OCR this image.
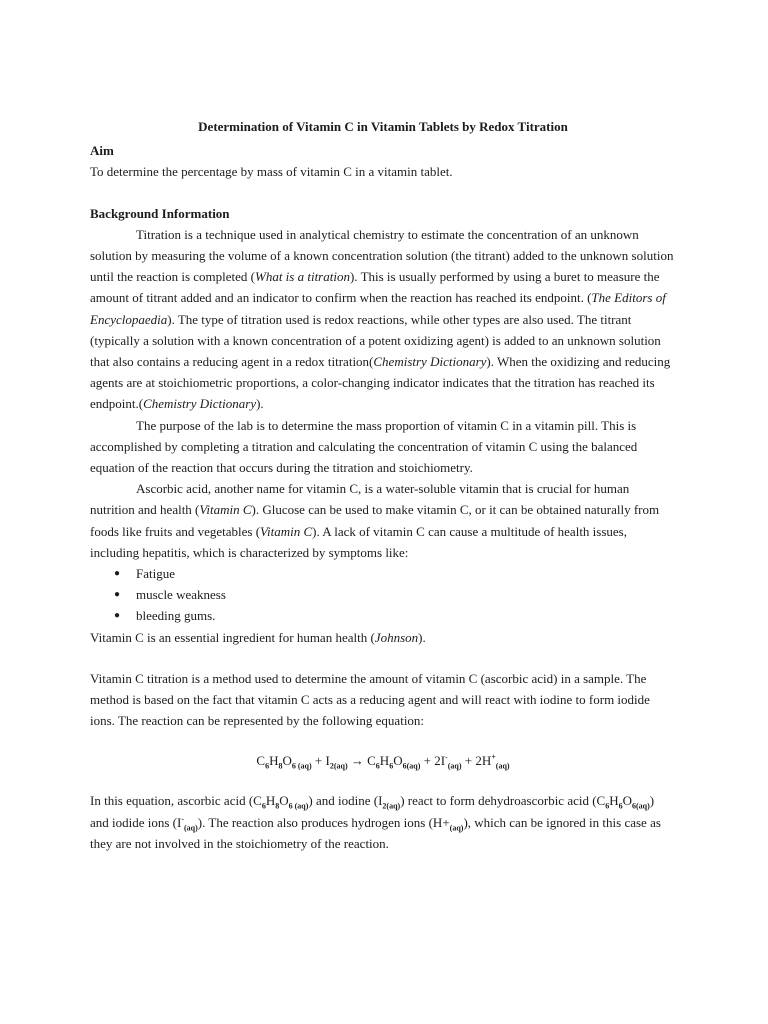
Determination of Vitamin C in Vitamin Tablets by Redox Titration

Aim

To determine the percentage by mass of vitamin C in a vitamin tablet.

Background Information

Titration is a technique used in analytical chemistry to estimate the concentration of an unknown solution by measuring the volume of a known concentration solution (the titrant) added to the unknown solution until the reaction is completed (What is a titration). This is usually performed by using a buret to measure the amount of titrant added and an indicator to confirm when the reaction has reached its endpoint. (The Editors of Encyclopaedia). The type of titration used is redox reactions, while other types are also used. The titrant (typically a solution with a known concentration of a potent oxidizing agent) is added to an unknown solution that also contains a reducing agent in a redox titration(Chemistry Dictionary). When the oxidizing and reducing agents are at stoichiometric proportions, a color-changing indicator indicates that the titration has reached its endpoint.(Chemistry Dictionary).

The purpose of the lab is to determine the mass proportion of vitamin C in a vitamin pill. This is accomplished by completing a titration and calculating the concentration of vitamin C using the balanced equation of the reaction that occurs during the titration and stoichiometry.

Ascorbic acid, another name for vitamin C, is a water-soluble vitamin that is crucial for human nutrition and health (Vitamin C). Glucose can be used to make vitamin C, or it can be obtained naturally from foods like fruits and vegetables (Vitamin C). A lack of vitamin C can cause a multitude of health issues, including hepatitis, which is characterized by symptoms like:

● Fatigue
● muscle weakness
● bleeding gums.

Vitamin C is an essential ingredient for human health (Johnson).

Vitamin C titration is a method used to determine the amount of vitamin C (ascorbic acid) in a sample. The method is based on the fact that vitamin C acts as a reducing agent and will react with iodine to form iodide ions. The reaction can be represented by the following equation:

$C_6H_8O_{6 (aq)} + I_{2(aq)} \to C_6H_6O_{6(aq)} + 2I^-_{(aq)} + 2H^+_{(aq)}$

In this equation, ascorbic acid $(C_6H_8O_{6 (aq)})$ and iodine $(I_{2(aq)})$ react to form dehydroascorbic acid $(C_6H_6O_{6(aq)})$ and iodide ions $(I^-_{(aq)})$. The reaction also produces hydrogen ions $(H+_{(aq)})$, which can be ignored in this case as they are not involved in the stoichiometry of the reaction.
